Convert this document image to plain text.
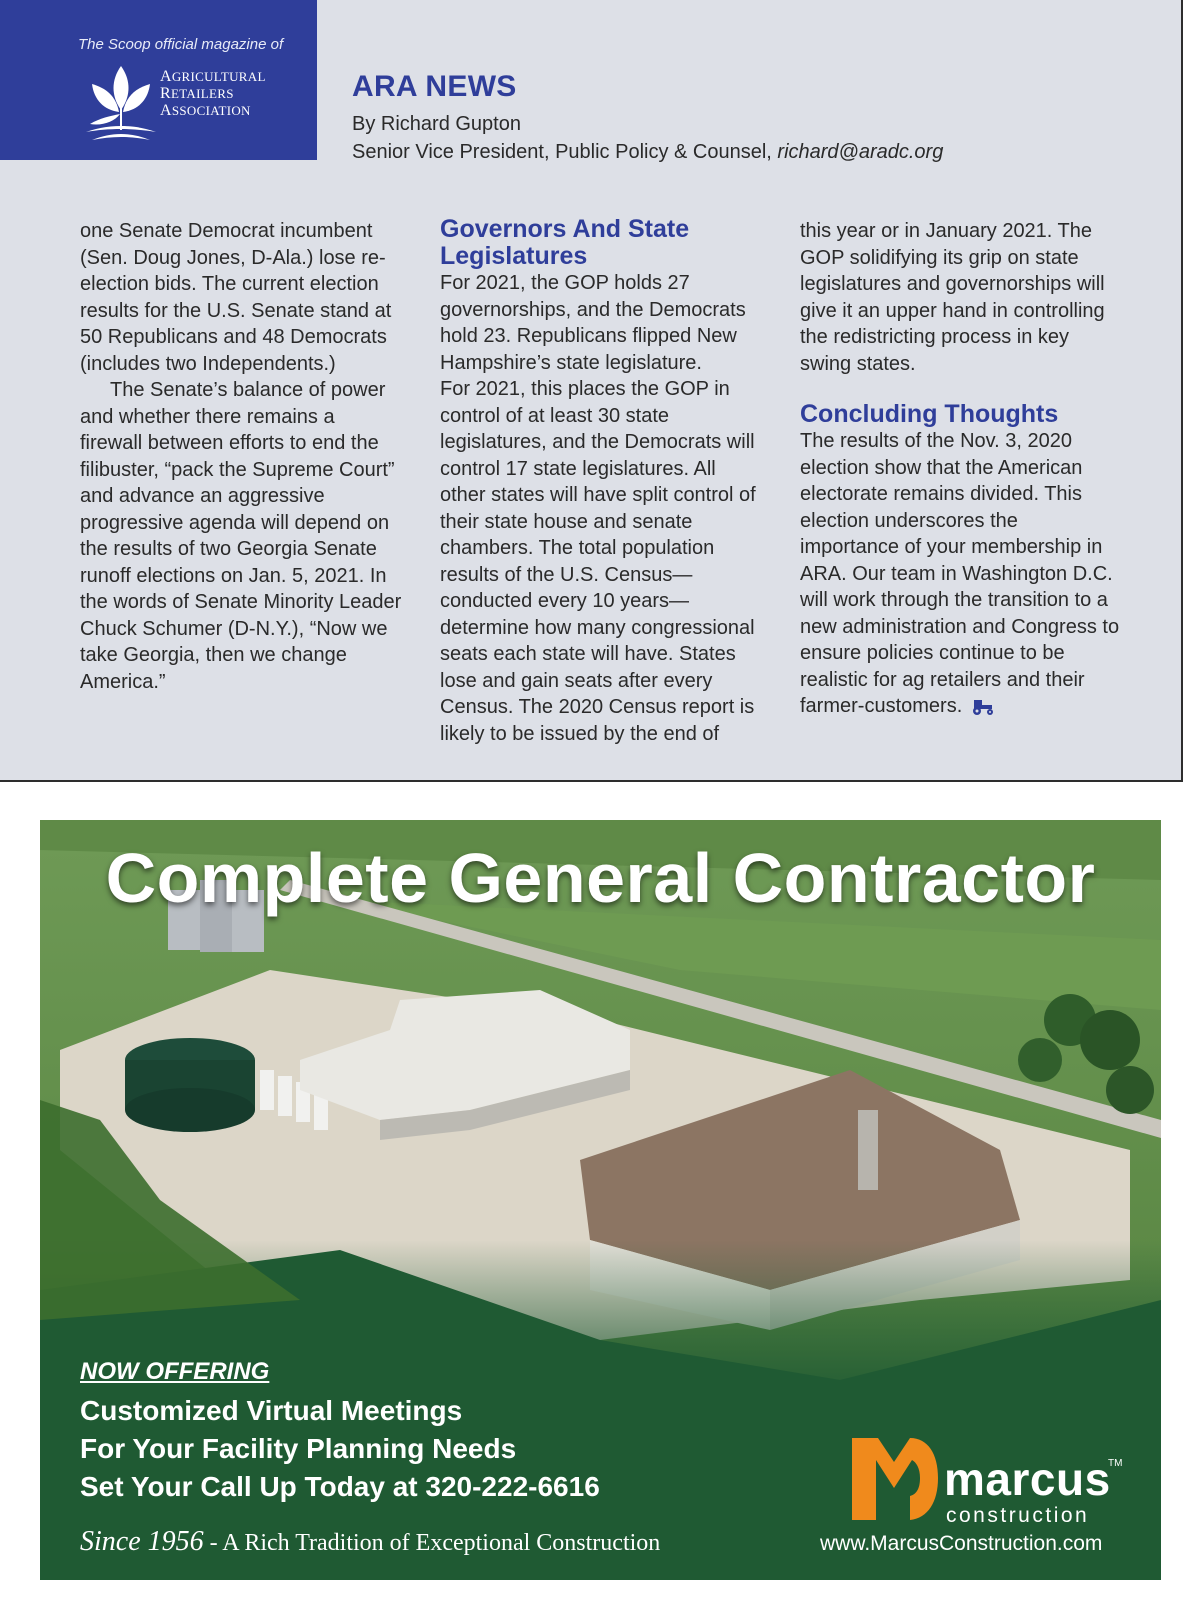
The Scoop official magazine of
AGRICULTURAL
RETAILERS
ASSOCIATION
ARA NEWS
By Richard Gupton
Senior Vice President, Public Policy & Counsel, richard@aradc.org

one Senate Democrat incumbent (Sen. Doug Jones, D-Ala.) lose re-election bids. The current election results for the U.S. Senate stand at 50 Republicans and 48 Democrats (includes two Independents.)

The Senate’s balance of power and whether there remains a firewall between efforts to end the filibuster, “pack the Supreme Court” and advance an aggressive progressive agenda will depend on the results of two Georgia Senate runoff elections on Jan. 5, 2021. In the words of Senate Minority Leader Chuck Schumer (D-N.Y.), “Now we take Georgia, then we change America.”

Governors And State Legislatures

For 2021, the GOP holds 27 governorships, and the Democrats hold 23. Republicans flipped New Hampshire’s state legislature.

For 2021, this places the GOP in control of at least 30 state legislatures, and the Democrats will control 17 state legislatures. All other states will have split control of their state house and senate chambers. The total population results of the U.S. Census—conducted every 10 years—determine how many congressional seats each state will have. States lose and gain seats after every Census. The 2020 Census report is likely to be issued by the end of

this year or in January 2021. The GOP solidifying its grip on state legislatures and governorships will give it an upper hand in controlling the redistricting process in key swing states.

Concluding Thoughts

The results of the Nov. 3, 2020 election show that the American electorate remains divided. This election underscores the importance of your membership in ARA. Our team in Washington D.C. will work through the transition to a new administration and Congress to ensure policies continue to be realistic for ag retailers and their farmer-customers.

Complete General Contractor
NOW OFFERING
Customized Virtual Meetings
For Your Facility Planning Needs
Set Your Call Up Today at 320-222-6616
Since 1956 - A Rich Tradition of Exceptional Construction
marcus
TM
construction
www.MarcusConstruction.com
